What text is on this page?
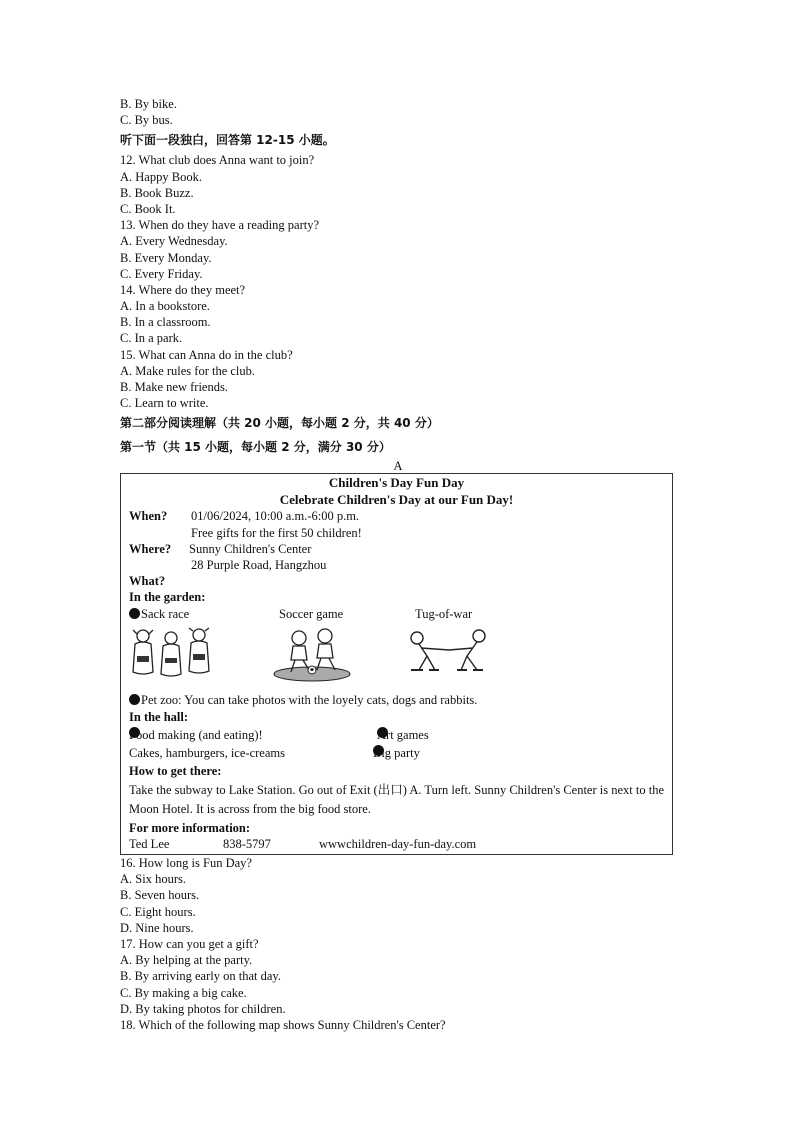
B. By bike.
C. By bus.
听下面一段独白，回答第 12-15 小题。
12. What club does Anna want to join?
A. Happy Book.
B. Book Buzz.
C. Book It.
13. When do they have a reading party?
A. Every Wednesday.
B. Every Monday.
C. Every Friday.
14. Where do they meet?
A. In a bookstore.
B. In a classroom.
C. In a park.
15. What can Anna do in the club?
A. Make rules for the club.
B. Make new friends.
C. Learn to write.
第二部分阅读理解（共 20 小题，每小题 2 分，共 40 分）
第一节（共 15 小题，每小题 2 分，满分 30 分）
A
Children's Day Fun Day
Celebrate Children's Day at our Fun Day!
When? 01/06/2024, 10:00 a.m.-6:00 p.m.
Free gifts for the first 50 children!
Where? Sunny Children's Center
28 Purple Road, Hangzhou
What?
In the garden:
Sack race	Soccer game	Tug-of-war
Pet zoo: You can take photos with the loyely cats, dogs and rabbits.
In the hall:
Food making (and eating)!
Cakes, hamburgers, ice-creams
Art games
Big party
How to get there:
Take the subway to Lake Station. Go out of Exit (出口) A. Turn left. Sunny Children's Center is next to the Moon Hotel. It is across from the big food store.
For more information:
Ted Lee	838-5797	wwwchildren-day-fun-day.com
16. How long is Fun Day?
A. Six hours.
B. Seven hours.
C. Eight hours.
D. Nine hours.
17. How can you get a gift?
A. By helping at the party.
B. By arriving early on that day.
C. By making a big cake.
D. By taking photos for children.
18. Which of the following map shows Sunny Children's Center?
